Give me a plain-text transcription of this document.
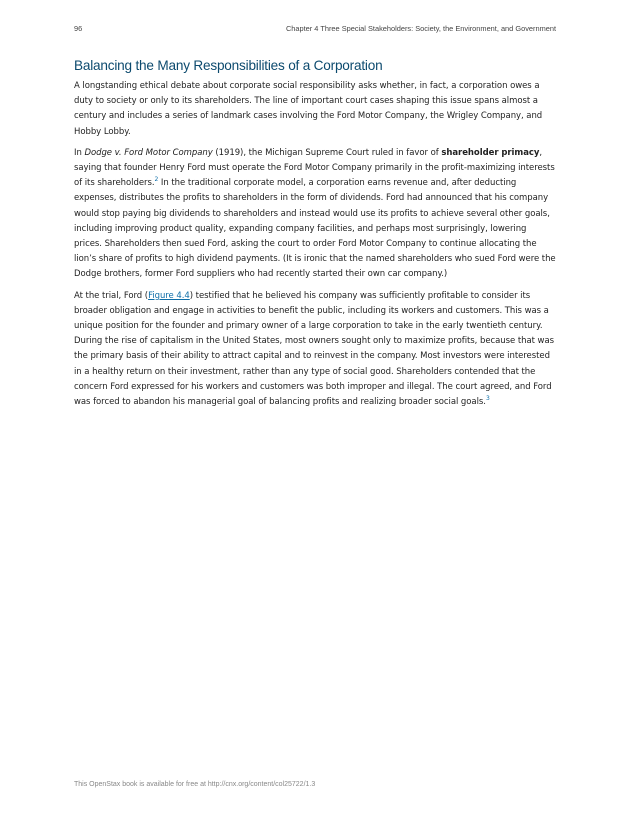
96	Chapter 4 Three Special Stakeholders: Society, the Environment, and Government
Balancing the Many Responsibilities of a Corporation

A longstanding ethical debate about corporate social responsibility asks whether, in fact, a corporation owes a duty to society or only to its shareholders. The line of important court cases shaping this issue spans almost a century and includes a series of landmark cases involving the Ford Motor Company, the Wrigley Company, and Hobby Lobby.

In Dodge v. Ford Motor Company (1919), the Michigan Supreme Court ruled in favor of shareholder primacy, saying that founder Henry Ford must operate the Ford Motor Company primarily in the profit-maximizing interests of its shareholders.$^2$ In the traditional corporate model, a corporation earns revenue and, after deducting expenses, distributes the profits to shareholders in the form of dividends. Ford had announced that his company would stop paying big dividends to shareholders and instead would use its profits to achieve several other goals, including improving product quality, expanding company facilities, and perhaps most surprisingly, lowering prices. Shareholders then sued Ford, asking the court to order Ford Motor Company to continue allocating the lion’s share of profits to high dividend payments. (It is ironic that the named shareholders who sued Ford were the Dodge brothers, former Ford suppliers who had recently started their own car company.)

At the trial, Ford (Figure 4.4) testified that he believed his company was sufficiently profitable to consider its broader obligation and engage in activities to benefit the public, including its workers and customers. This was a unique position for the founder and primary owner of a large corporation to take in the early twentieth century. During the rise of capitalism in the United States, most owners sought only to maximize profits, because that was the primary basis of their ability to attract capital and to reinvest in the company. Most investors were interested in a healthy return on their investment, rather than any type of social good. Shareholders contended that the concern Ford expressed for his workers and customers was both improper and illegal. The court agreed, and Ford was forced to abandon his managerial goal of balancing profits and realizing broader social goals.$^3$

This OpenStax book is available for free at http://cnx.org/content/col25722/1.3
